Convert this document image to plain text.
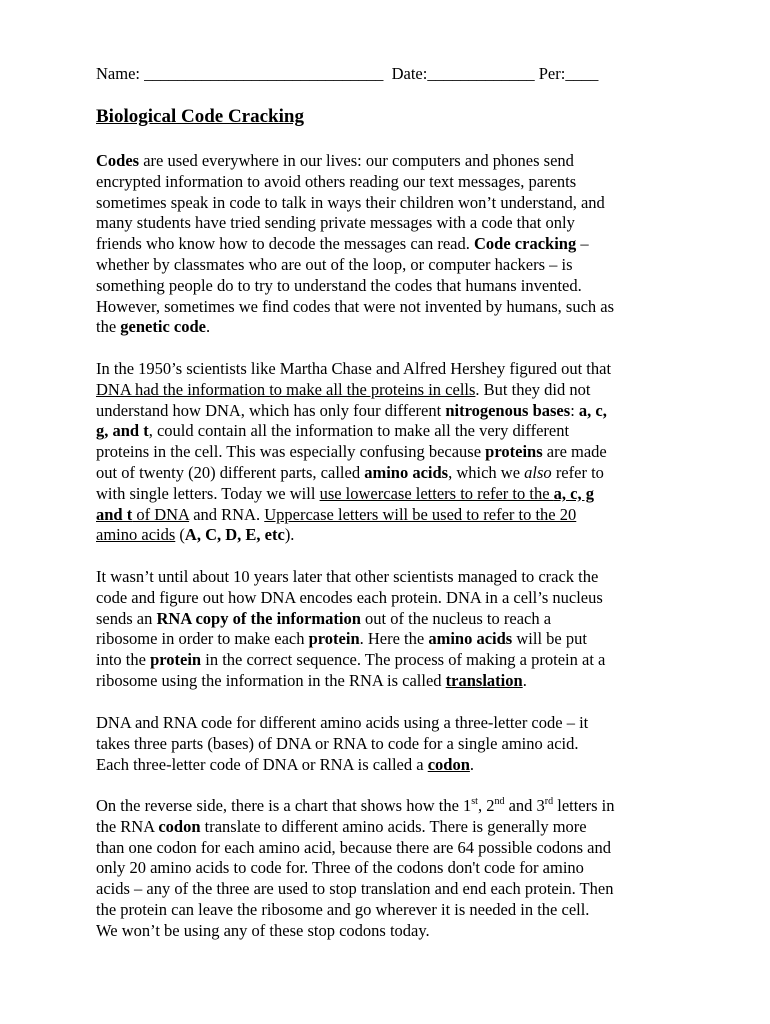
Name: _____________________________ Date:_____________ Per:____
Biological Code Cracking
Codes are used everywhere in our lives: our computers and phones send
encrypted information to avoid others reading our text messages, parents
sometimes speak in code to talk in ways their children won’t understand, and
many students have tried sending private messages with a code that only
friends who know how to decode the messages can read. Code cracking –
whether by classmates who are out of the loop, or computer hackers – is
something people do to try to understand the codes that humans invented.
However, sometimes we find codes that were not invented by humans, such as
the genetic code.
In the 1950’s scientists like Martha Chase and Alfred Hershey figured out that
DNA had the information to make all the proteins in cells. But they did not
understand how DNA, which has only four different nitrogenous bases: a, c,
g, and t, could contain all the information to make all the very different
proteins in the cell. This was especially confusing because proteins are made
out of twenty (20) different parts, called amino acids, which we also refer to
with single letters. Today we will use lowercase letters to refer to the a, c, g
and t of DNA and RNA. Uppercase letters will be used to refer to the 20
amino acids (A, C, D, E, etc).
It wasn’t until about 10 years later that other scientists managed to crack the
code and figure out how DNA encodes each protein. DNA in a cell’s nucleus
sends an RNA copy of the information out of the nucleus to reach a
ribosome in order to make each protein. Here the amino acids will be put
into the protein in the correct sequence. The process of making a protein at a
ribosome using the information in the RNA is called translation.
DNA and RNA code for different amino acids using a three-letter code – it
takes three parts (bases) of DNA or RNA to code for a single amino acid.
Each three-letter code of DNA or RNA is called a codon.
On the reverse side, there is a chart that shows how the 1st, 2nd and 3rd letters in
the RNA codon translate to different amino acids. There is generally more
than one codon for each amino acid, because there are 64 possible codons and
only 20 amino acids to code for. Three of the codons don't code for amino
acids – any of the three are used to stop translation and end each protein. Then
the protein can leave the ribosome and go wherever it is needed in the cell.
We won’t be using any of these stop codons today.
